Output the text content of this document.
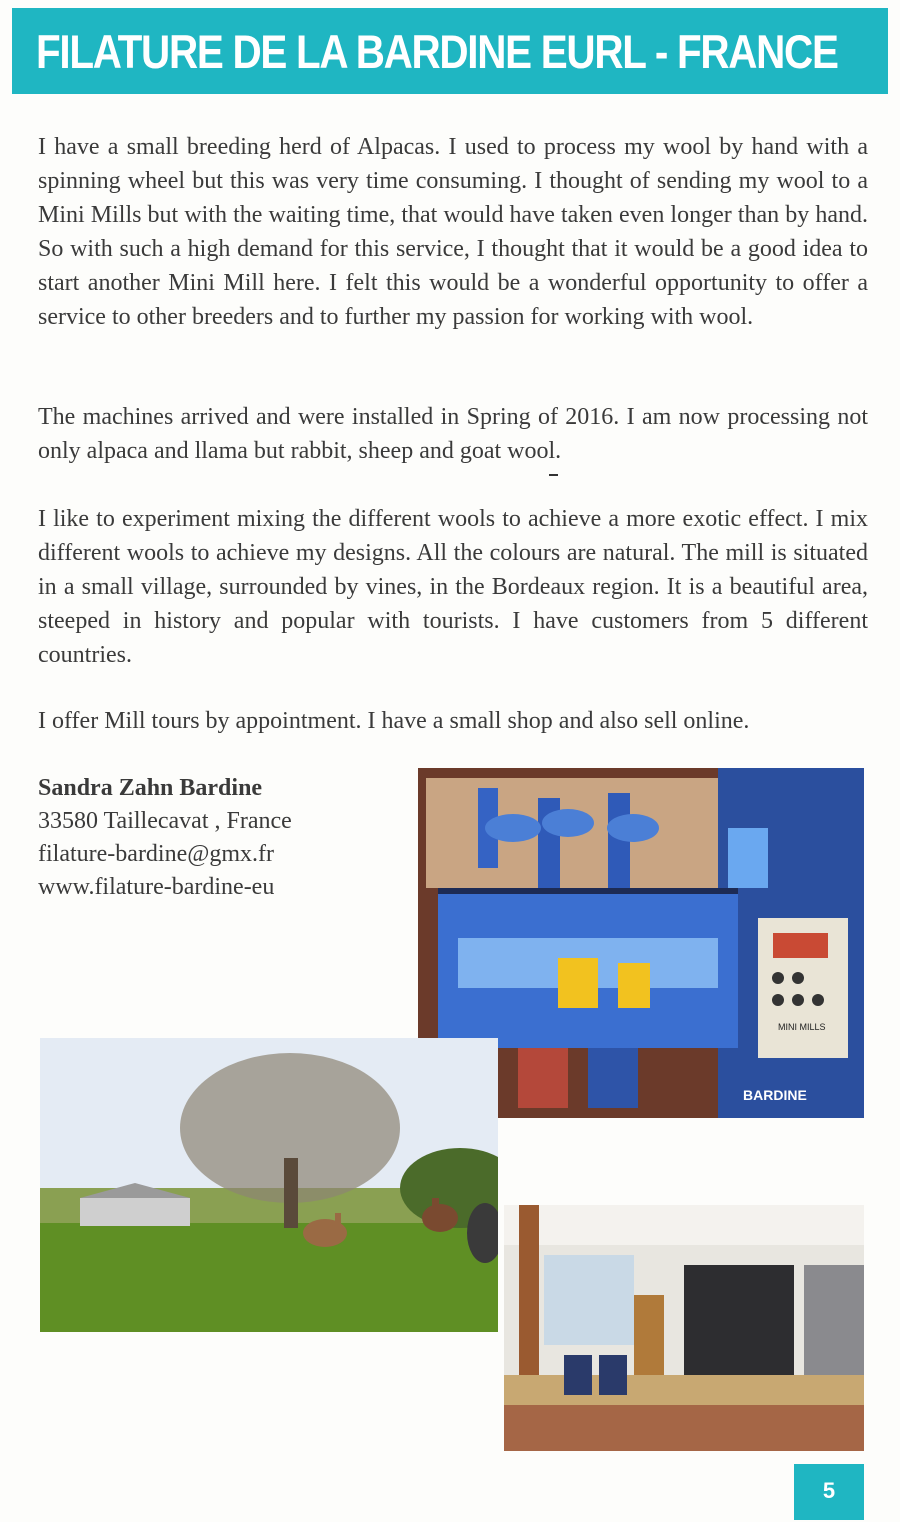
FILATURE DE LA BARDINE EURL - FRANCE

I have a small breeding herd of Alpacas. I used to process my wool by hand with a spinning wheel but this was very time consuming. I thought of sending my wool to a Mini Mills but with the waiting time, that would have taken even longer than by hand. So with such a high demand for this service, I thought that it would be a good idea to start another Mini Mill here. I felt this would be a wonderful opportunity to offer a service to other breeders and to further my passion for working with wool.

The machines arrived and were installed in Spring of 2016. I am now processing not only alpaca and llama but rabbit, sheep and goat wool.

I like to experiment mixing the different wools to achieve a more exotic effect. I mix different wools to achieve my designs. All the colours are natural. The mill is situated in a small village, surrounded by vines, in the Bordeaux region. It is a beautiful area, steeped in history and popular with tourists. I have customers from 5 different countries.

I offer Mill tours by appointment. I have a small shop and also sell online.

Sandra Zahn Bardine
33580 Taillecavat , France
filature-bardine@gmx.fr
www.filature-bardine-eu
MINI MILLS
BARDINE
5
